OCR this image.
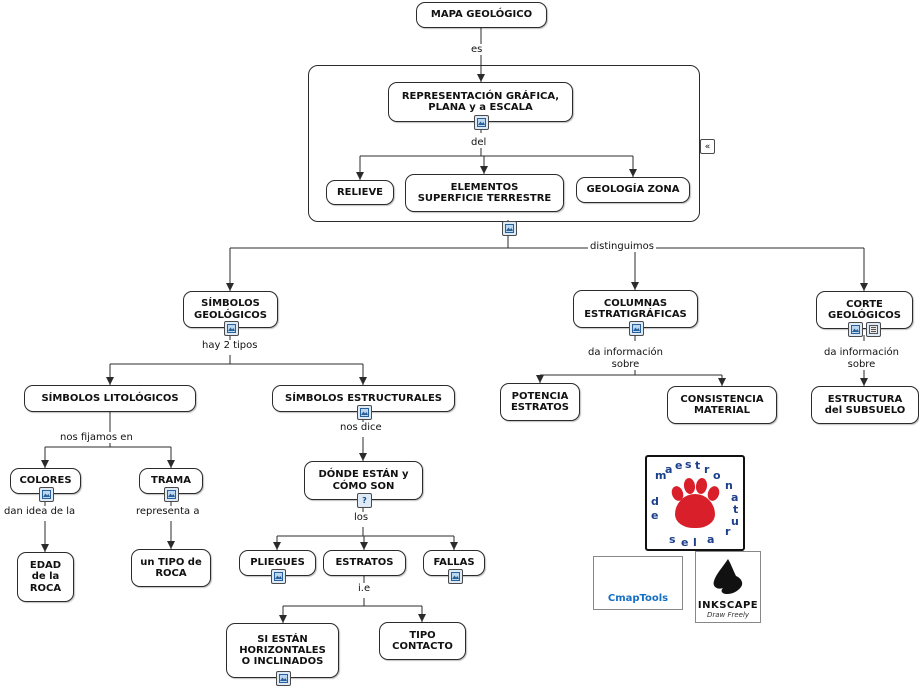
MAPA GEOLÓGICO
REPRESENTACIÓN GRÁFICA,
PLANA y a ESCALA
RELIEVE	ELEMENTOS
SUPERFICIE TERRESTRE
GEOLOGÍA ZONA
SÍMBOLOS
GEOLÓGICOS
COLUMNAS
ESTRATIGRÁFICAS
CORTE
GEOLÓGICOS
SÍMBOLOS LITOLÓGICOS	SÍMBOLOS ESTRUCTURALES	POTENCIA
ESTRATOS
CONSISTENCIA
MATERIAL
ESTRUCTURA
del SUBSUELO
COLORES	TRAMA
DÓNDE ESTÁN y
CÓMO SON
EDAD
de la
ROCA
un TIPO de
ROCA
PLIEGUES	ESTRATOS	FALLAS
SI ESTÁN
HORIZONTALES
O INCLINADOS
TIPO
CONTACTO
es
del
distinguimos
hay 2 tipos
da información
sobre
da información
sobre
nos fijamos en
nos dice
dan idea de la	representa a
los
i.e
?
«
m
a e s t r o
d
e
n
a
t
u
r
a
l
e
s
CmapTools
INKSCAPE
Draw Freely
